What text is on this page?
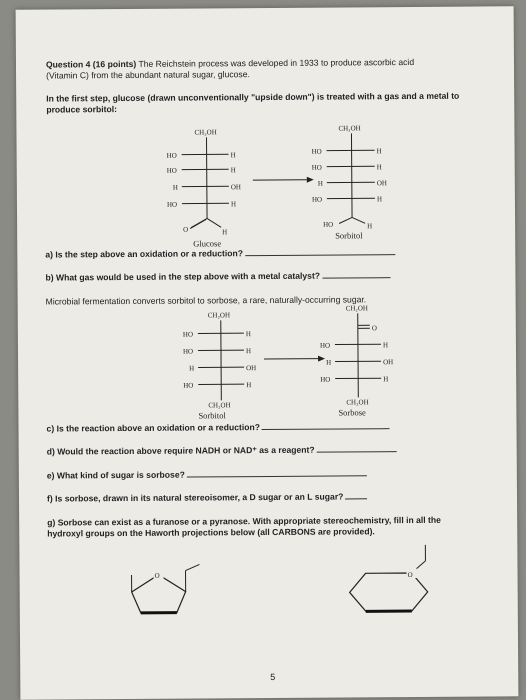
Question 4 (16 points) The Reichstein process was developed in 1933 to produce ascorbic acid
(Vitamin C) from the abundant natural sugar, glucose.
In the first step, glucose (drawn unconventionally "upside down") is treated with a gas and a metal to
produce sorbitol:
CH₂OH
HO	H
HO	H
H	OH
HO	H
O	H
Glucose
CH₂OH
HO	H
HO	H
H	OH
HO	H
HO	H
Sorbitol
CH₂OH
HO	H
HO	H
H	OH
HO	H
CH₂OH
Sorbitol
CH₂OH
O
HO	H
H	OH
HO	H
CH₂OH
Sorbose
O	O
a) Is the step above an oxidation or a reduction?
b) What gas would be used in the step above with a metal catalyst?
Microbial fermentation converts sorbitol to sorbose, a rare, naturally-occurring sugar.
c) Is the reaction above an oxidation or a reduction?
d) Would the reaction above require NADH or NAD⁺ as a reagent?
e) What kind of sugar is sorbose?
f) Is sorbose, drawn in its natural stereoisomer, a D sugar or an L sugar?
g) Sorbose can exist as a furanose or a pyranose. With appropriate stereochemistry, fill in all the
hydroxyl groups on the Haworth projections below (all CARBONS are provided).
5
